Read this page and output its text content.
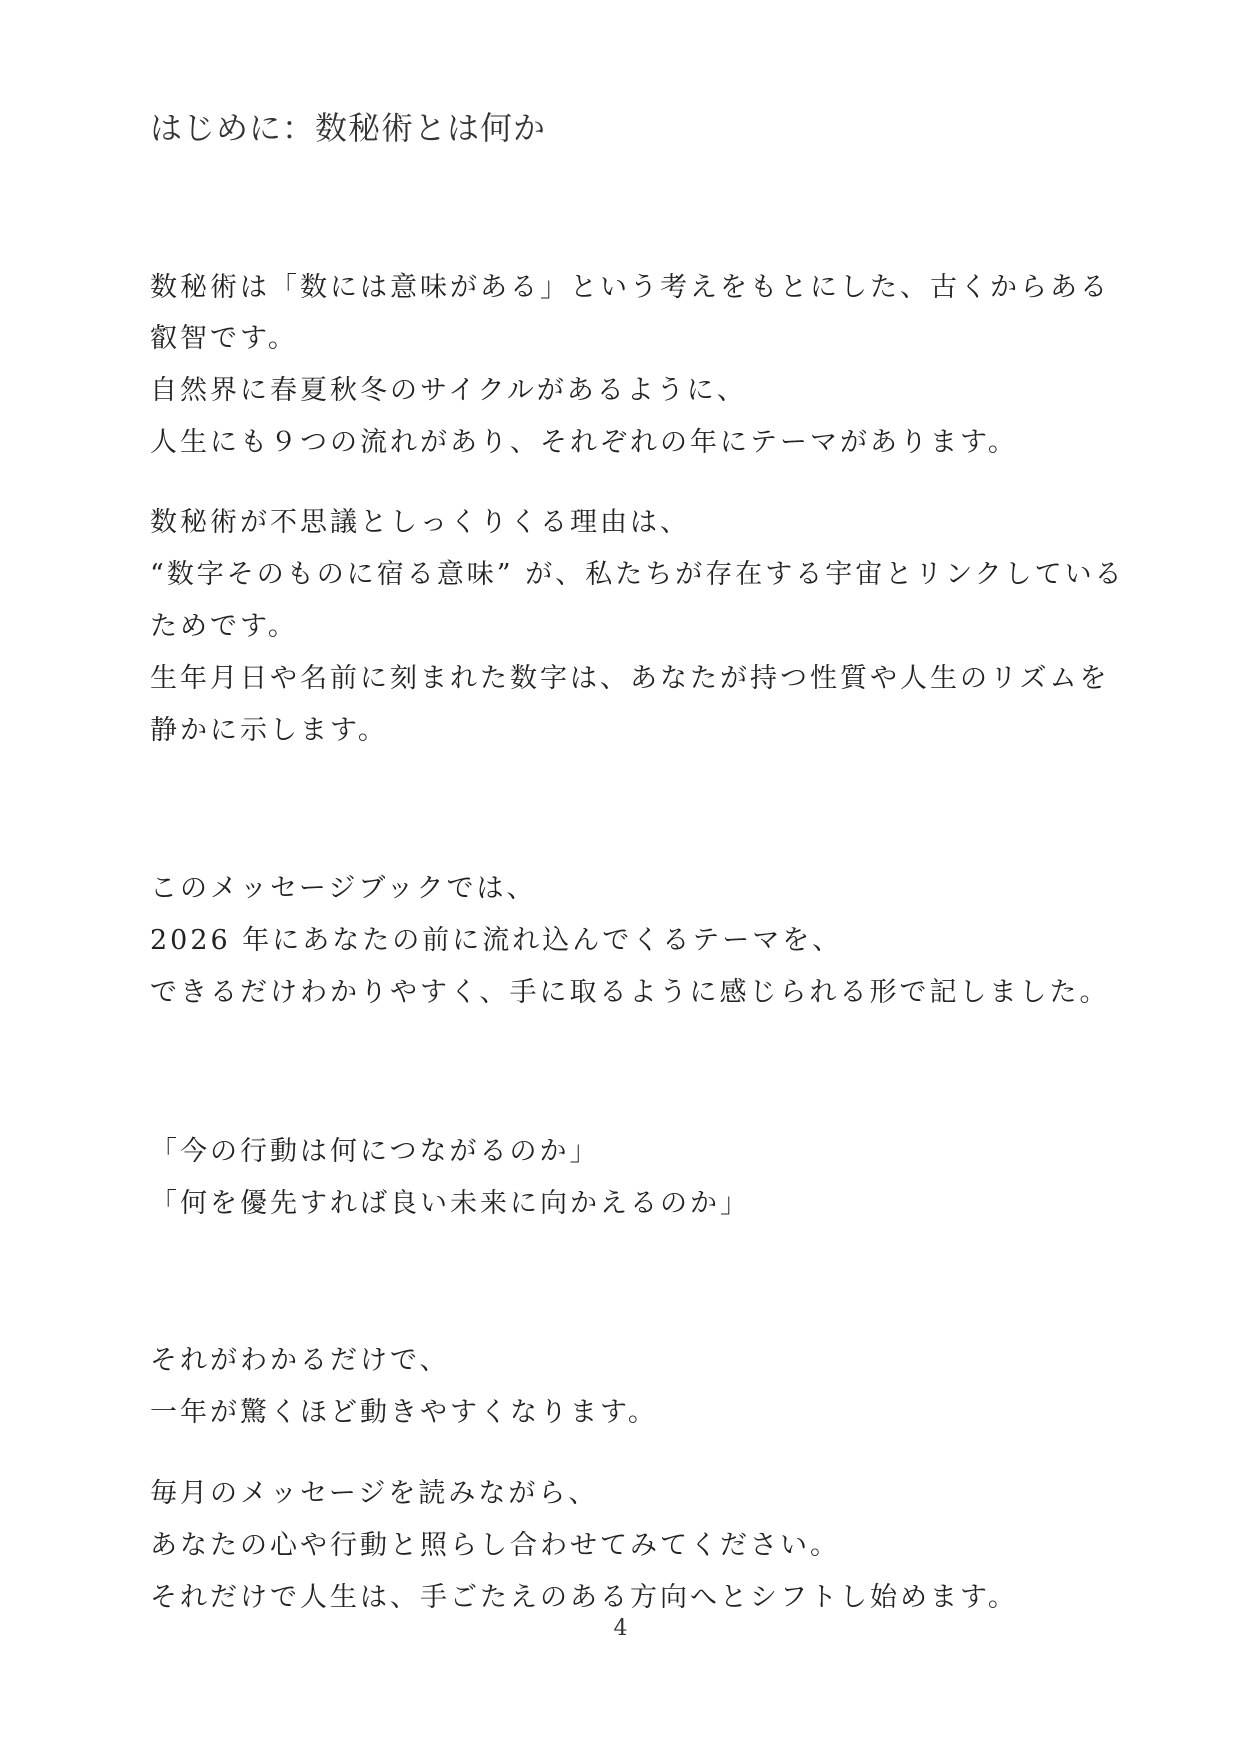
はじめに：数秘術とは何か
数秘術は「数には意味がある」という考えをもとにした、古くからある
叡智です。
自然界に春夏秋冬のサイクルがあるように、
人生にも９つの流れがあり、それぞれの年にテーマがあります。
数秘術が不思議としっくりくる理由は、
“数字そのものに宿る意味” が、私たちが存在する宇宙とリンクしている
ためです。
生年月日や名前に刻まれた数字は、あなたが持つ性質や人生のリズムを
静かに示します。
このメッセージブックでは、
2026 年にあなたの前に流れ込んでくるテーマを、
できるだけわかりやすく、手に取るように感じられる形で記しました。
「今の行動は何につながるのか」
「何を優先すれば良い未来に向かえるのか」
それがわかるだけで、
一年が驚くほど動きやすくなります。
毎月のメッセージを読みながら、
あなたの心や行動と照らし合わせてみてください。
それだけで人生は、手ごたえのある方向へとシフトし始めます。
4
